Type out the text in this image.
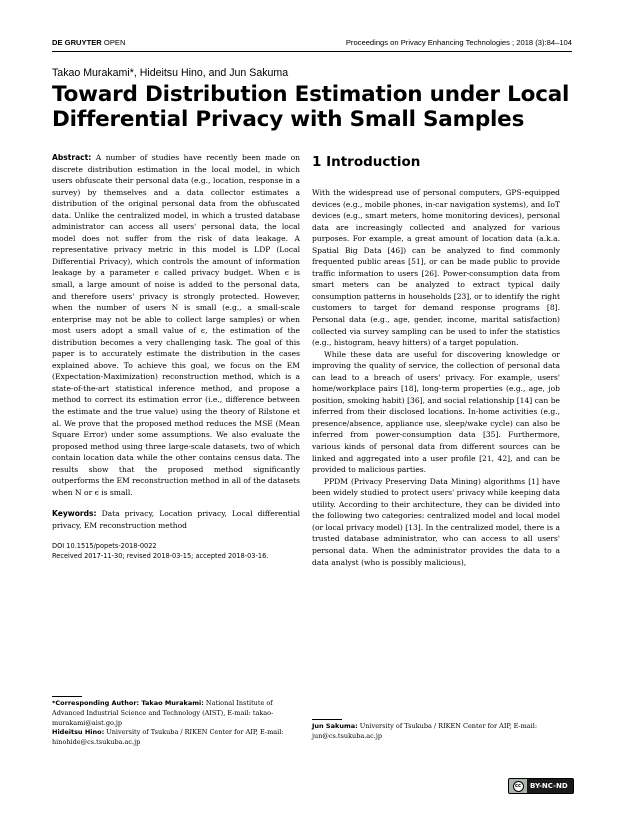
DE GRUYTER OPEN	Proceedings on Privacy Enhancing Technologies ; 2018 (3):84–104
Takao Murakami*, Hideitsu Hino, and Jun Sakuma
Toward Distribution Estimation under Local Differential Privacy with Small Samples

Abstract: A number of studies have recently been made on discrete distribution estimation in the local model, in which users obfuscate their personal data (e.g., location, response in a survey) by themselves and a data collector estimates a distribution of the original personal data from the obfuscated data. Unlike the centralized model, in which a trusted database administrator can access all users' personal data, the local model does not suffer from the risk of data leakage. A representative privacy metric in this model is LDP (Local Differential Privacy), which controls the amount of information leakage by a parameter ϵ called privacy budget. When ϵ is small, a large amount of noise is added to the personal data, and therefore users' privacy is strongly protected. However, when the number of users N is small (e.g., a small-scale enterprise may not be able to collect large samples) or when most users adopt a small value of ϵ, the estimation of the distribution becomes a very challenging task. The goal of this paper is to accurately estimate the distribution in the cases explained above. To achieve this goal, we focus on the EM (Expectation-Maximization) reconstruction method, which is a state-of-the-art statistical inference method, and propose a method to correct its estimation error (i.e., difference between the estimate and the true value) using the theory of Rilstone et al. We prove that the proposed method reduces the MSE (Mean Square Error) under some assumptions. We also evaluate the proposed method using three large-scale datasets, two of which contain location data while the other contains census data. The results show that the proposed method significantly outperforms the EM reconstruction method in all of the datasets when N or ϵ is small.

Keywords: Data privacy, Location privacy, Local differential privacy, EM reconstruction method

DOI 10.1515/popets-2018-0022

Received 2017-11-30; revised 2018-03-15; accepted 2018-03-16.

1 Introduction

With the widespread use of personal computers, GPS-equipped devices (e.g., mobile phones, in-car navigation systems), and IoT devices (e.g., smart meters, home monitoring devices), personal data are increasingly collected and analyzed for various purposes. For example, a great amount of location data (a.k.a. Spatial Big Data [46]) can be analyzed to find commonly frequented public areas [51], or can be made public to provide traffic information to users [26]. Power-consumption data from smart meters can be analyzed to extract typical daily consumption patterns in households [23], or to identify the right customers to target for demand response programs [8]. Personal data (e.g., age, gender, income, marital satisfaction) collected via survey sampling can be used to infer the statistics (e.g., histogram, heavy hitters) of a target population.

While these data are useful for discovering knowledge or improving the quality of service, the collection of personal data can lead to a breach of users' privacy. For example, users' home/workplace pairs [18], long-term properties (e.g., age, job position, smoking habit) [36], and social relationship [14] can be inferred from their disclosed locations. In-home activities (e.g., presence/absence, appliance use, sleep/wake cycle) can also be inferred from power-consumption data [35]. Furthermore, various kinds of personal data from different sources can be linked and aggregated into a user profile [21, 42], and can be provided to malicious parties.

PPDM (Privacy Preserving Data Mining) algorithms [1] have been widely studied to protect users' privacy while keeping data utility. According to their architecture, they can be divided into the following two categories: centralized model and local model (or local privacy model) [13]. In the centralized model, there is a trusted database administrator, who can access to all users' personal data. When the administrator provides the data to a data analyst (who is possibly malicious),

*Corresponding Author: Takao Murakami: National Institute of Advanced Industrial Science and Technology (AIST), E-mail: takao-murakami@aist.go.jp
Hideitsu Hino: University of Tsukuba / RIKEN Center for AIP, E-mail: hinohide@cs.tsukuba.ac.jp
Jun Sakuma: University of Tsukuba / RIKEN Center for AIP, E-mail: jun@cs.tsukuba.ac.jp
cc	BY-NC-ND
